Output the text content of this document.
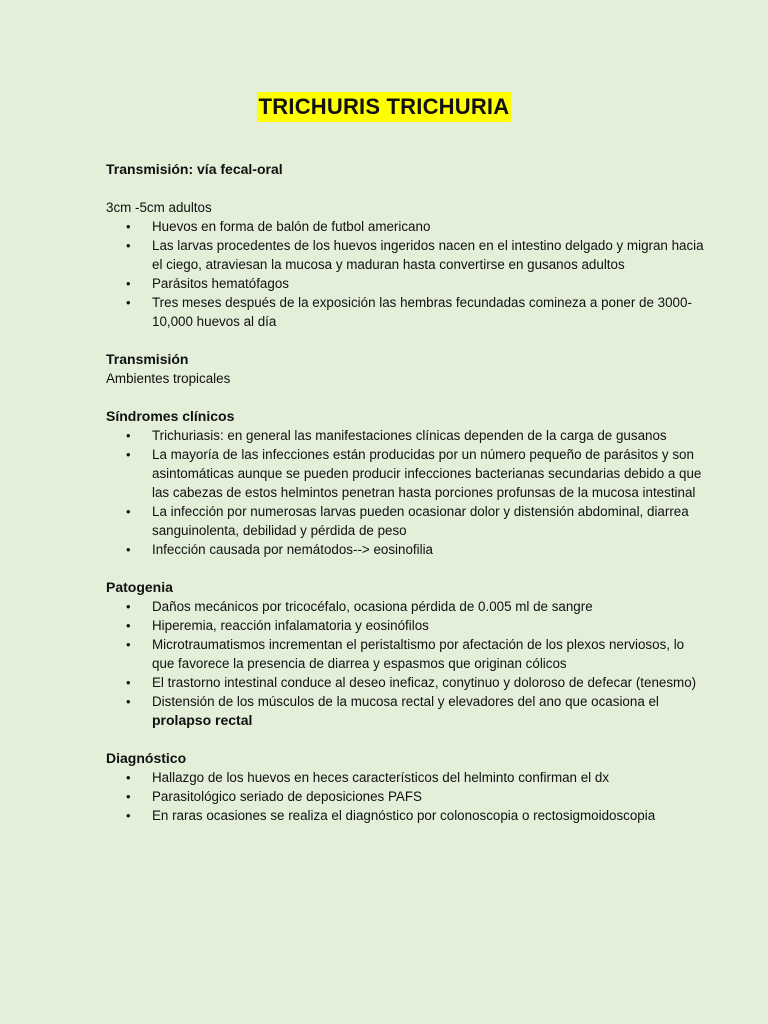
TRICHURIS TRICHURIA

Transmisión: vía fecal-oral

3cm -5cm adultos

• Huevos en forma de balón de futbol americano
• Las larvas procedentes de los huevos ingeridos nacen en el intestino delgado y migran hacia el ciego, atraviesan la mucosa y maduran hasta convertirse en gusanos adultos
• Parásitos hematófagos
• Tres meses después de la exposición las hembras fecundadas comineza a poner de 3000-10,000 huevos al día

Transmisión

Ambientes tropicales

Síndromes clínicos

• Trichuriasis: en general las manifestaciones clínicas dependen de la carga de gusanos
• La mayoría de las infecciones están producidas por un número pequeño de parásitos y son asintomáticas aunque se pueden producir infecciones bacterianas secundarias debido a que las cabezas de estos helmintos penetran hasta porciones profunsas de la mucosa intestinal
• La infección por numerosas larvas pueden ocasionar dolor y distensión abdominal, diarrea sanguinolenta, debilidad y pérdida de peso
• Infección causada por nemátodos--> eosinofilia

Patogenia

• Daños mecánicos por tricocéfalo, ocasiona pérdida de 0.005 ml de sangre
• Hiperemia, reacción infalamatoria y eosinófilos
• Microtraumatismos incrementan el peristaltismo por afectación de los plexos nerviosos, lo que favorece la presencia de diarrea y espasmos que originan cólicos
• El trastorno intestinal conduce al deseo ineficaz, conytinuo y doloroso de defecar (tenesmo)
• Distensión de los músculos de la mucosa rectal y elevadores del ano que ocasiona el prolapso rectal

Diagnóstico

• Hallazgo de los huevos en heces característicos del helminto confirman el dx
• Parasitológico seriado de deposiciones PAFS
• En raras ocasiones se realiza el diagnóstico por colonoscopia o rectosigmoidoscopia
